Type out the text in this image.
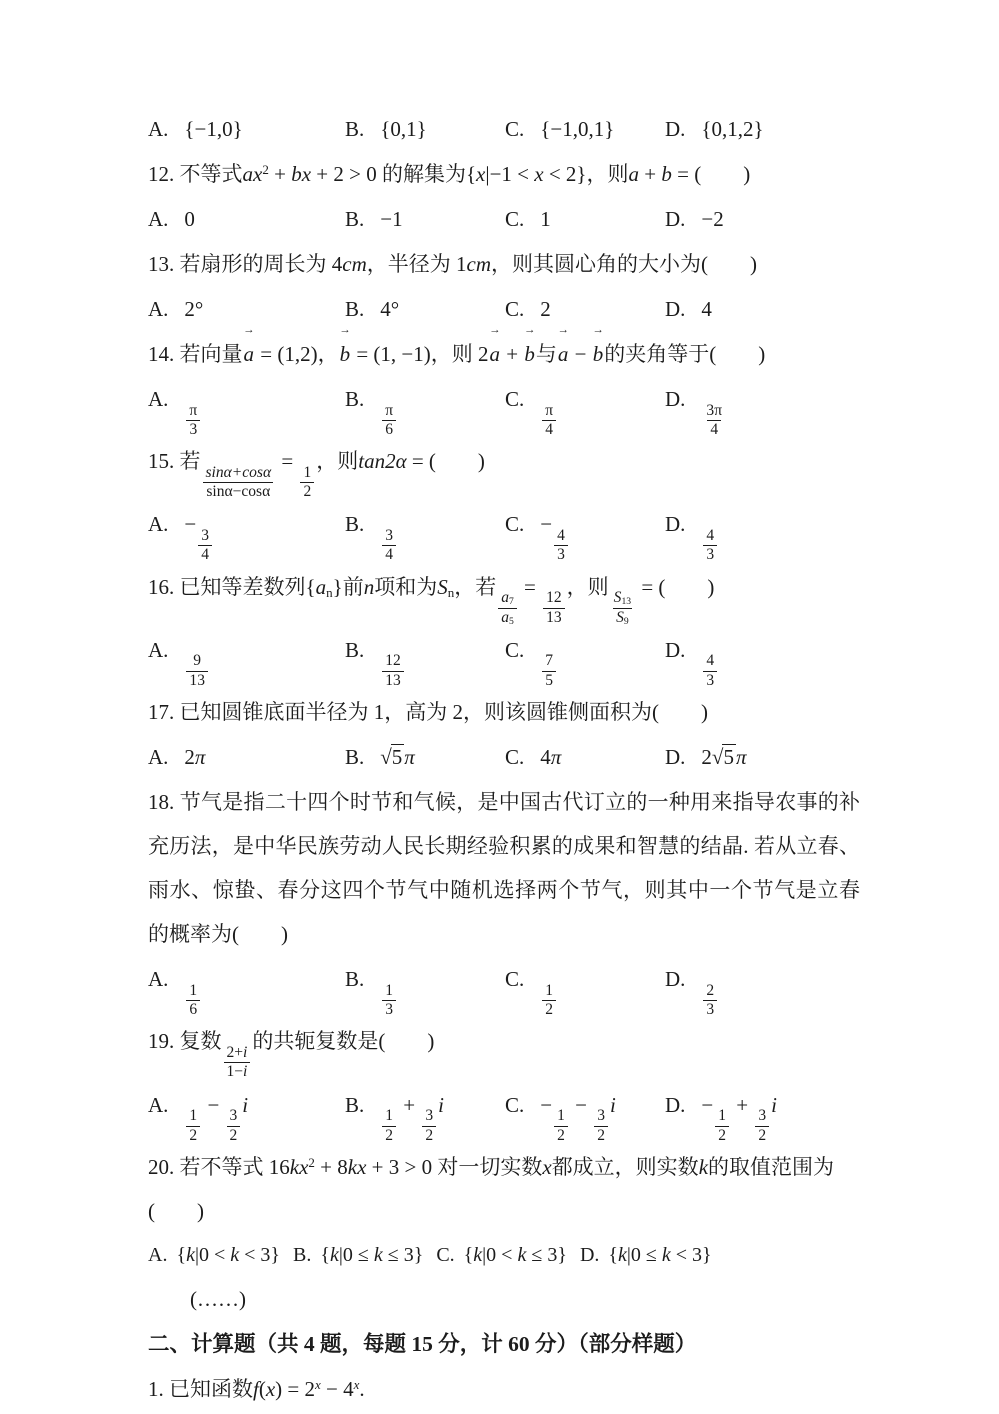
A. {−1,0}	B. {0,1}	C. {−1,0,1}	D. {0,1,2}
12. 不等式$ax^2$ + bx + 2 > 0 的解集为{x|−1 < x < 2}，则a + b = (　　)
A. 0	B. −1	C. 1	D. −2
13. 若扇形的周长为 4cm，半径为 1cm，则其圆心角的大小为(　　)
A. 2°	B. 4°	C. 2	D. 4
14. 若向量
→
a = (1,2)，
→
b = (1, −1)，则 2
→
a +
→
b与
→
a −
→
b的夹角等于(　　)
A.
$\frac{\pi}{3}$
B.
$\frac{\pi}{6}$
C.
$\frac{\pi}{4}$
D.
$\frac{3\pi}{4}$
15. 若
$\frac{\sin\alpha+\cos\alpha}{\sin\alpha-\cos\alpha}$
=
$\frac{1}{2}$
，则tan2α = (　　)
A. −
$\frac{3}{4}$
B.
$\frac{3}{4}$
C. −
$\frac{4}{3}$
D.
$\frac{4}{3}$
16. 已知等差数列$\{a_n\}$前n项和为$S_n$，若
$\frac{a_7}{a_5}$
=
$\frac{12}{13}$
，则
$\frac{S_{13}}{S_9}$
= (　　)
A.
$\frac{9}{13}$
B.
$\frac{12}{13}$
C.
$\frac{7}{5}$
D.
$\frac{4}{3}$
17. 已知圆锥底面半径为 1，高为 2，则该圆锥侧面积为(　　)
A. 2π	B. √5π	C. 4π	D. 2√5π
18. 节气是指二十四个时节和气候，是中国古代订立的一种用来指导农事的补充历法，是中华民族劳动人民长期经验积累的成果和智慧的结晶. 若从立春、雨水、惊蛰、春分这四个节气中随机选择两个节气，则其中一个节气是立春的概率为(　　)
A.
$\frac{1}{6}$
B.
$\frac{1}{3}$
C.
$\frac{1}{2}$
D.
$\frac{2}{3}$
19. 复数
$\frac{2+i}{1-i}$
的共轭复数是(　　)
A.
$\frac{1}{2}$
−
$\frac{3}{2}$
i	B.
$\frac{1}{2}$
+
$\frac{3}{2}$
i	C. −
$\frac{1}{2}$
−
$\frac{3}{2}$
i	D. −
$\frac{1}{2}$
+
$\frac{3}{2}$
i
20. 若不等式 $16kx^2 + 8kx + 3 > 0$ 对一切实数x都成立，则实数k的取值范围为
(　　)
A. {k|0 < k < 3} B. {k|0 ≤ k ≤ 3} C. {k|0 < k ≤ 3} D. {k|0 ≤ k < 3}
(……)
二、计算题（共 4 题，每题 15 分，计 60 分）（部分样题）
1. 已知函数$f(x) = 2^x - 4^x$.
